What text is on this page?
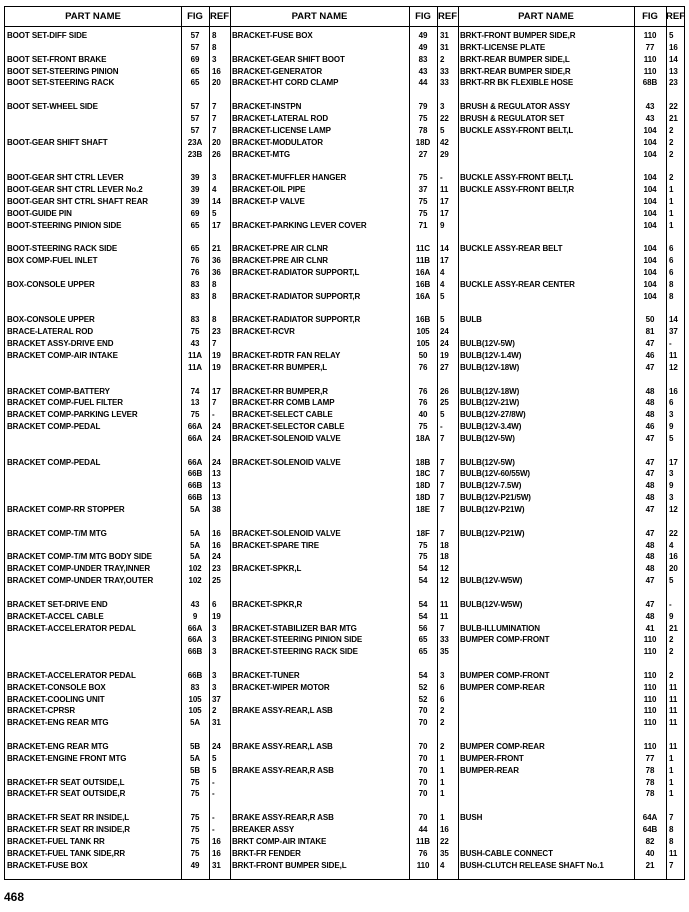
PART NAME	FIG REF
BOOT SET-DIFF SIDE	57	8
57	8
BOOT SET-FRONT BRAKE	69	3
BOOT SET-STEERING PINION	65	16
BOOT SET-STEERING RACK	65	20
BOOT SET-WHEEL SIDE	57	7
57	7
57	7
BOOT-GEAR SHIFT SHAFT	23A	20
23B	26
BOOT-GEAR SHT CTRL LEVER	39	3
BOOT-GEAR SHT CTRL LEVER No.2	39	4
BOOT-GEAR SHT CTRL SHAFT REAR	39	14
BOOT-GUIDE PIN	69	5
BOOT-STEERING PINION SIDE	65	17
BOOT-STEERING RACK SIDE	65	21
BOX COMP-FUEL INLET	76	36
76	36
BOX-CONSOLE UPPER	83	8
83	8
BOX-CONSOLE UPPER	83	8
BRACE-LATERAL ROD	75	23
BRACKET ASSY-DRIVE END	43	7
BRACKET COMP-AIR INTAKE	11A	19
11A	19
BRACKET COMP-BATTERY	74	17
BRACKET COMP-FUEL FILTER	13	7
BRACKET COMP-PARKING LEVER	75	-
BRACKET COMP-PEDAL	66A	24
66A	24
BRACKET COMP-PEDAL	66A	24
66B	13
66B	13
66B	13
BRACKET COMP-RR STOPPER	5A	38
BRACKET COMP-T/M MTG	5A	16
5A	16
BRACKET COMP-T/M MTG BODY SIDE	5A	24
BRACKET COMP-UNDER TRAY,INNER	102	23
BRACKET COMP-UNDER TRAY,OUTER	102	25
BRACKET SET-DRIVE END	43	6
BRACKET-ACCEL CABLE	9	19
BRACKET-ACCELERATOR PEDAL	66A	3
66A	3
66B	3
BRACKET-ACCELERATOR PEDAL	66B	3
BRACKET-CONSOLE BOX	83	3
BRACKET-COOLING UNIT	105	37
BRACKET-CPRSR	105	2
BRACKET-ENG REAR MTG	5A	31
BRACKET-ENG REAR MTG	5B	24
BRACKET-ENGINE FRONT MTG	5A	5
5B	5
BRACKET-FR SEAT OUTSIDE,L	75	-
BRACKET-FR SEAT OUTSIDE,R	75	-
BRACKET-FR SEAT RR INSIDE,L	75	-
BRACKET-FR SEAT RR INSIDE,R	75	-
BRACKET-FUEL TANK RR	75	16
BRACKET-FUEL TANK SIDE,RR	75	16
BRACKET-FUSE BOX	49	31
PART NAME	FIG REF
BRACKET-FUSE BOX	49	31
49	31
BRACKET-GEAR SHIFT BOOT	83	2
BRACKET-GENERATOR	43	33
BRACKET-HT CORD CLAMP	44	33
BRACKET-INSTPN	79	3
BRACKET-LATERAL ROD	75	22
BRACKET-LICENSE LAMP	78	5
BRACKET-MODULATOR	18D	42
BRACKET-MTG	27	29
BRACKET-MUFFLER HANGER	75	-
BRACKET-OIL PIPE	37	11
BRACKET-P VALVE	75	17
75	17
BRACKET-PARKING LEVER COVER	71	9
BRACKET-PRE AIR CLNR	11C	14
BRACKET-PRE AIR CLNR	11B	17
BRACKET-RADIATOR SUPPORT,L	16A	4
16B	4
BRACKET-RADIATOR SUPPORT,R	16A	5
BRACKET-RADIATOR SUPPORT,R	16B	5
BRACKET-RCVR	105	24
105	24
BRACKET-RDTR FAN RELAY	50	19
BRACKET-RR BUMPER,L	76	27
BRACKET-RR BUMPER,R	76	26
BRACKET-RR COMB LAMP	76	25
BRACKET-SELECT CABLE	40	5
BRACKET-SELECTOR CABLE	75	-
BRACKET-SOLENOID VALVE	18A	7
BRACKET-SOLENOID VALVE	18B	7
18C	7
18D	7
18D	7
18E	7
BRACKET-SOLENOID VALVE	18F	7
BRACKET-SPARE TIRE	75	18
75	18
BRACKET-SPKR,L	54	12
54	12
BRACKET-SPKR,R	54	11
54	11
BRACKET-STABILIZER BAR MTG	56	7
BRACKET-STEERING PINION SIDE	65	33
BRACKET-STEERING RACK SIDE	65	35
BRACKET-TUNER	54	3
BRACKET-WIPER MOTOR	52	6
52	6
BRAKE ASSY-REAR,L ASB	70	2
70	2
BRAKE ASSY-REAR,L ASB	70	2
70	1
BRAKE ASSY-REAR,R ASB	70	1
70	1
70	1
BRAKE ASSY-REAR,R ASB	70	1
BREAKER ASSY	44	16
BRKT COMP-AIR INTAKE	11B	22
BRKT-FR FENDER	76	35
BRKT-FRONT BUMPER SIDE,L	110	4
PART NAME	FIG REF
BRKT-FRONT BUMPER SIDE,R	110	5
BRKT-LICENSE PLATE	77	16
BRKT-REAR BUMPER SIDE,L	110	14
BRKT-REAR BUMPER SIDE,R	110	13
BRKT-RR BK FLEXIBLE HOSE	68B	23
BRUSH & REGULATOR ASSY	43	22
BRUSH & REGULATOR SET	43	21
BUCKLE ASSY-FRONT BELT,L	104	2
104	2
104	2
BUCKLE ASSY-FRONT BELT,L	104	2
BUCKLE ASSY-FRONT BELT,R	104	1
104	1
104	1
104	1
BUCKLE ASSY-REAR BELT	104	6
104	6
104	6
BUCKLE ASSY-REAR CENTER	104	8
104	8
BULB	50	14
81	37
BULB(12V-5W)	47	-
BULB(12V-1.4W)	46	11
BULB(12V-18W)	47	12
BULB(12V-18W)	48	16
BULB(12V-21W)	48	6
BULB(12V-27/8W)	48	3
BULB(12V-3.4W)	46	9
BULB(12V-5W)	47	5
BULB(12V-5W)	47	17
BULB(12V-60/55W)	47	3
BULB(12V-7.5W)	48	9
BULB(12V-P21/5W)	48	3
BULB(12V-P21W)	47	12
BULB(12V-P21W)	47	22
48	4
48	16
48	20
BULB(12V-W5W)	47	5
BULB(12V-W5W)	47	-
48	9
BULB-ILLUMINATION	41	21
BUMPER COMP-FRONT	110	2
110	2
BUMPER COMP-FRONT	110	2
BUMPER COMP-REAR	110	11
110	11
110	11
110	11
BUMPER COMP-REAR	110	11
BUMPER-FRONT	77	1
BUMPER-REAR	78	1
78	1
78	1
BUSH	64A	7
64B	8
82	8
BUSH-CABLE CONNECT	40	11
BUSH-CLUTCH RELEASE SHAFT No.1	21	7
468
